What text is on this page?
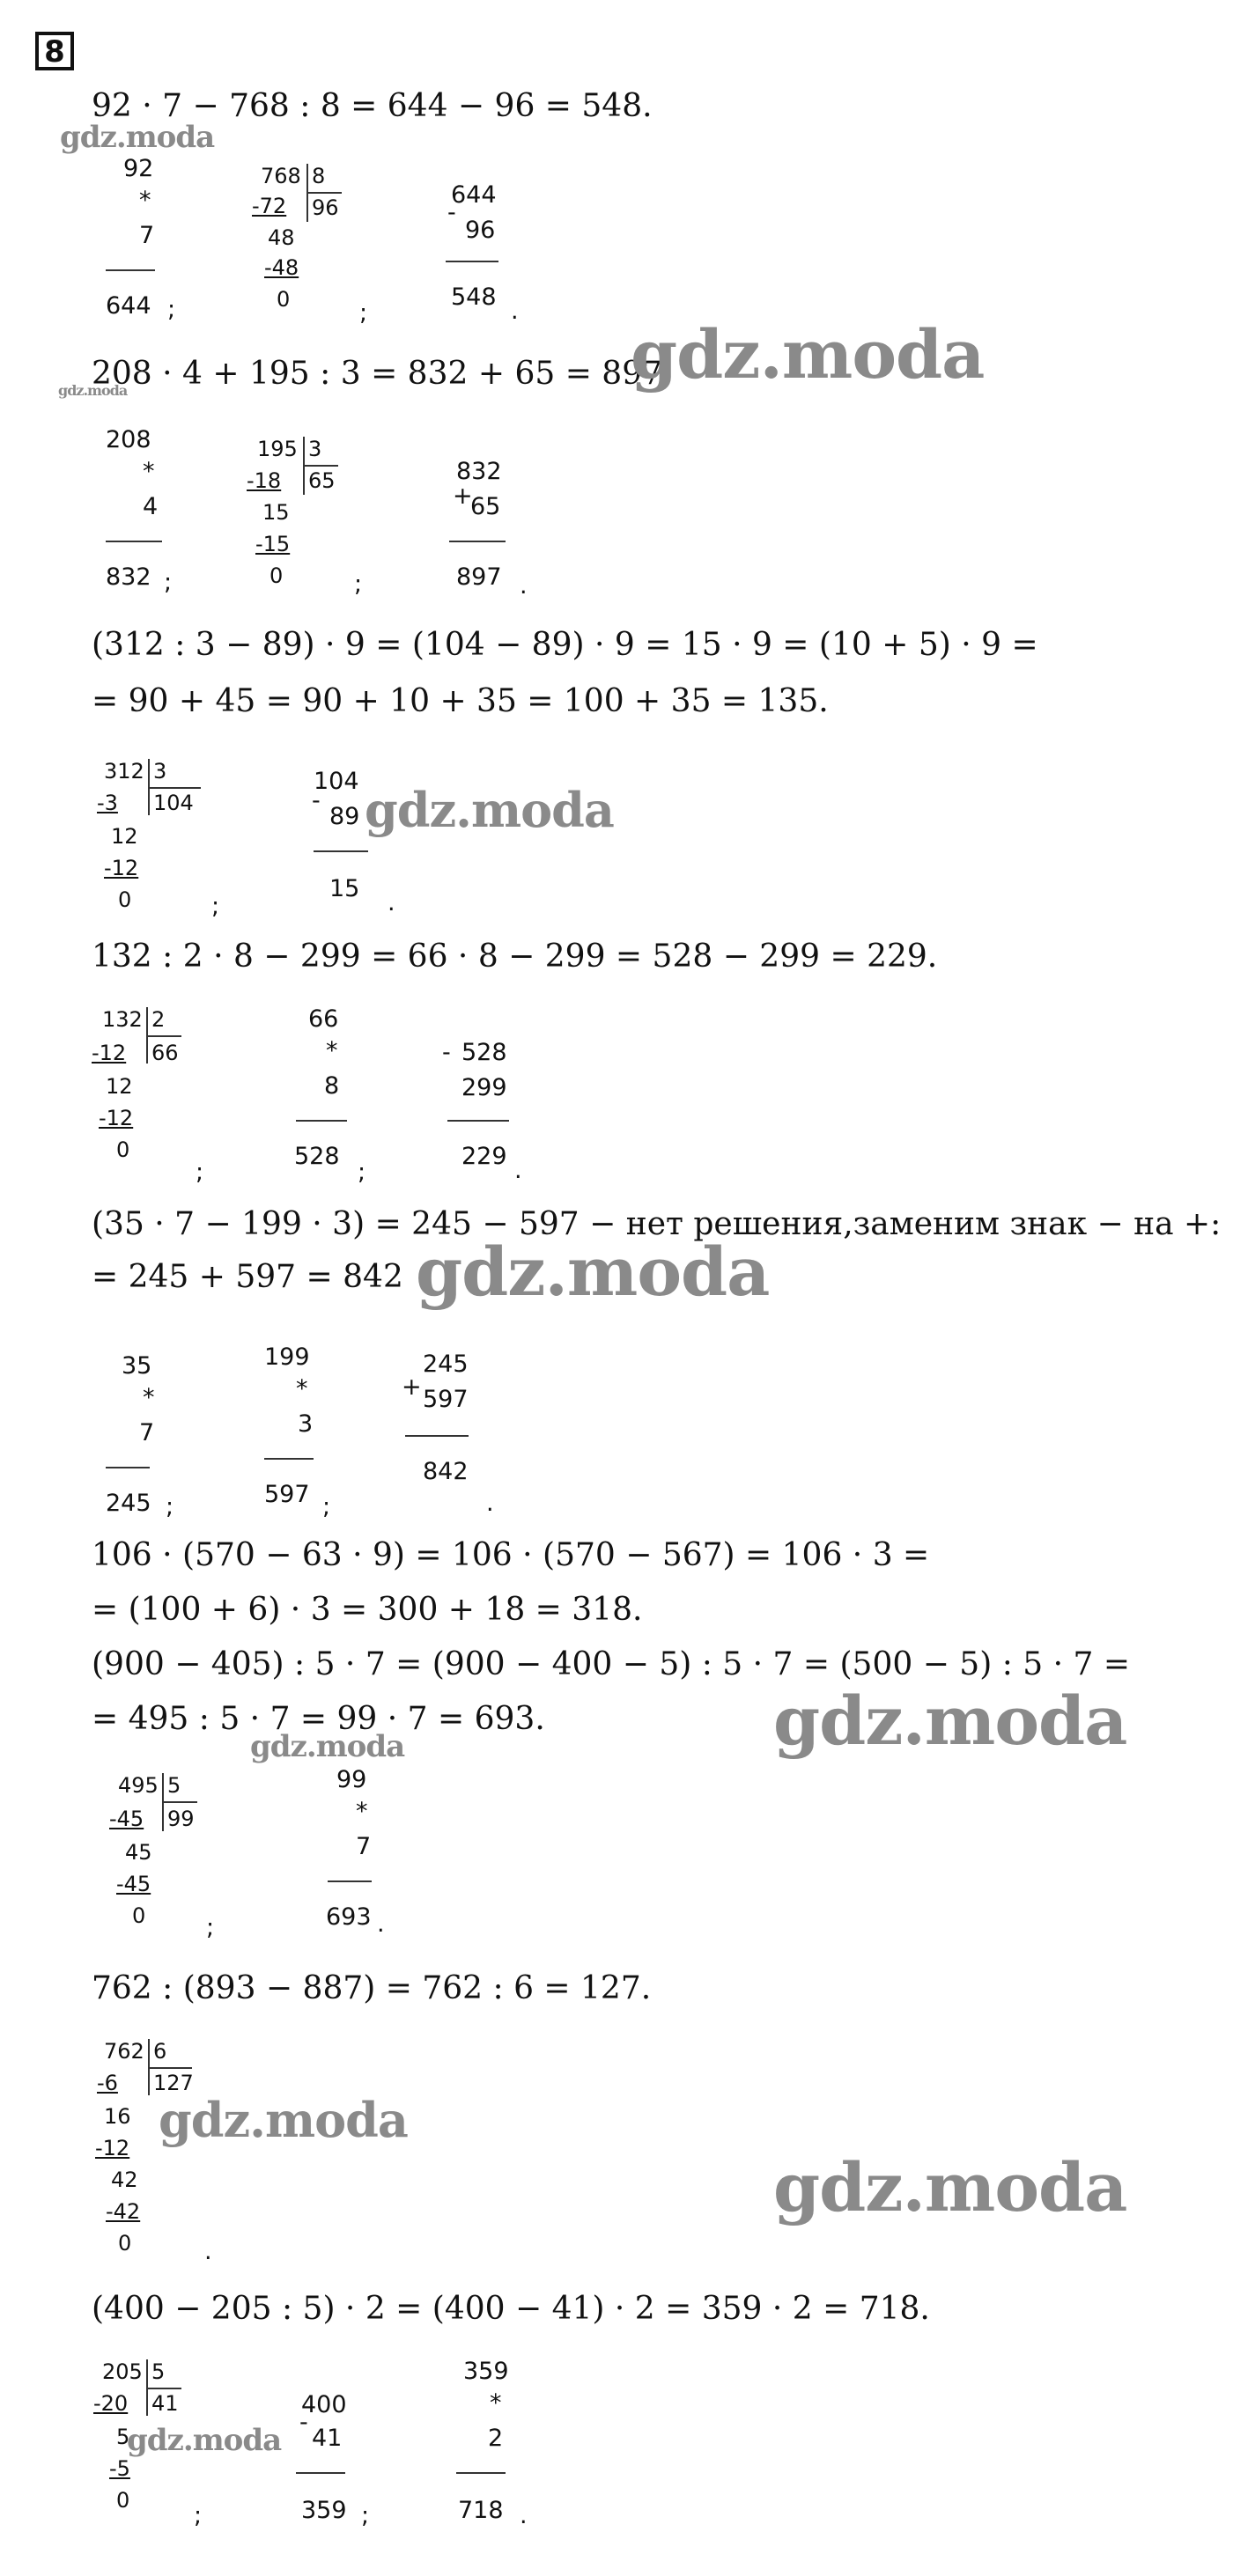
8
92 · 7 − 768 : 8 = 644 − 96 = 548.
gdz.moda
92
*
7
644 ;
768 8
-72 96
48
-48
0	;
644
-
96
548
.
208 · 4 + 195 : 3 = 832 + 65 = 897.
gdz.moda	gdz.moda
208
*
4
832 ;
195 3
-18 65
15
-15
0	;
+
832
65
897 .
(312 : 3 − 89) · 9 = (104 − 89) · 9 = 15 · 9 = (10 + 5) · 9 =
= 90 + 45 = 90 + 10 + 35 = 100 + 35 = 135.
312 3
-3 104
12
-12
0	;
104
-
89
15
.
gdz.moda
132 : 2 · 8 − 299 = 66 · 8 − 299 = 528 − 299 = 229.
132 2
-12 66
12
-12
0
;
66
*
8
528
;
- 528
299
229
.
(35 · 7 − 199 · 3) = 245 − 597 − нет решения,заменим знак − на +:
= 245 + 597 = 842 gdz.moda
35
*
7
245 ;
199
*
3
597 ;
+
245
597
842
.
106 · (570 − 63 · 9) = 106 · (570 − 567) = 106 · 3 =
= (100 + 6) · 3 = 300 + 18 = 318.
(900 − 405) : 5 · 7 = (900 − 400 − 5) : 5 · 7 = (500 − 5) : 5 · 7 =
= 495 : 5 · 7 = 99 · 7 = 693.	gdz.moda
gdz.moda
495 5
-45 99
45
-45
0	;
99
*
7
693 .
762 : (893 − 887) = 762 : 6 = 127.
762 6
-6 127
16
-12
42
-42
0	.
gdz.moda
gdz.moda
(400 − 205 : 5) · 2 = (400 − 41) · 2 = 359 · 2 = 718.
205 5
-20 41
5
-5
0
;
gdz.moda
400
-
41
359 ;
359
*
2
718 .
